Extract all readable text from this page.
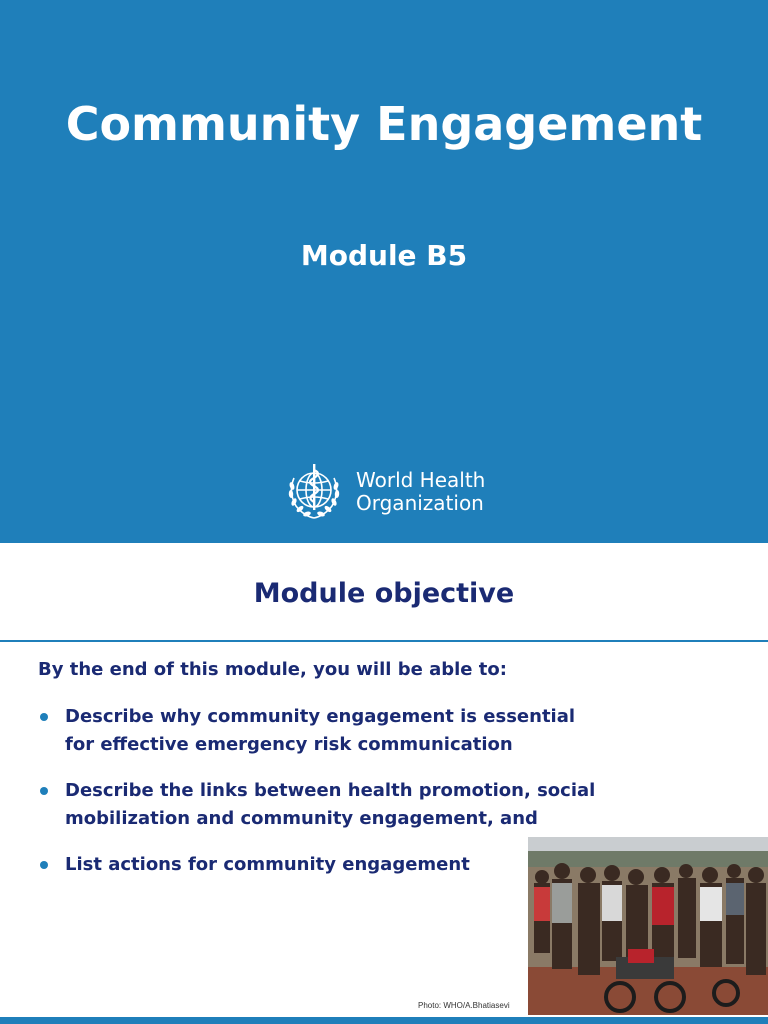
Community Engagement
Module B5
World Health
Organization
Module objective
By the end of this module, you will be able to:
Describe why community engagement is essential for effective emergency risk communication
Describe the links between health promotion, social mobilization and community engagement, and
List actions for community engagement
Photo: WHO/A.Bhatiasevi
